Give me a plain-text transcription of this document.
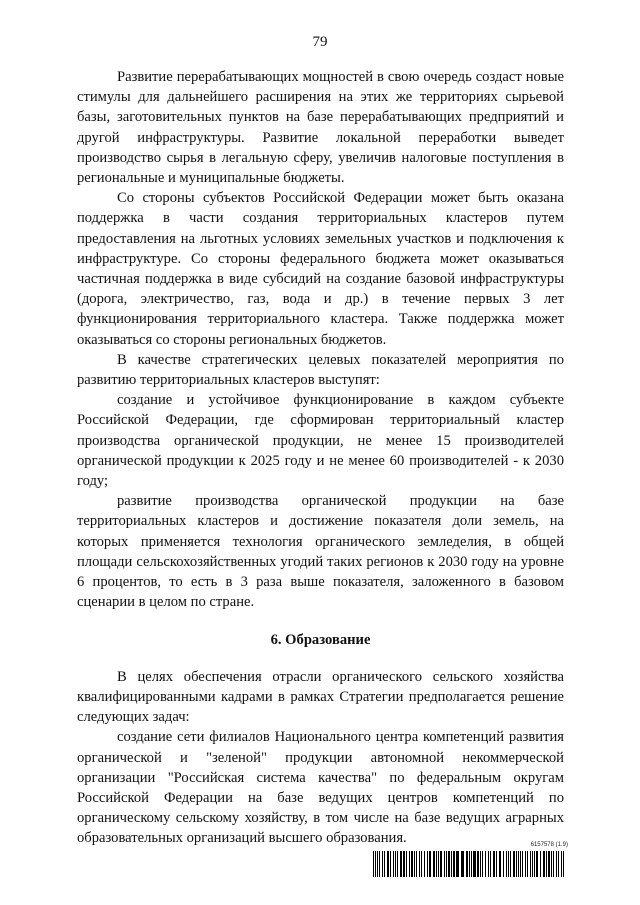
79

Развитие перерабатывающих мощностей в свою очередь создаст новые стимулы для дальнейшего расширения на этих же территориях сырьевой базы, заготовительных пунктов на базе перерабатывающих предприятий и другой инфраструктуры. Развитие локальной переработки выведет производство сырья в легальную сферу, увеличив налоговые поступления в региональные и муниципальные бюджеты.

Со стороны субъектов Российской Федерации может быть оказана поддержка в части создания территориальных кластеров путем предоставления на льготных условиях земельных участков и подключения к инфраструктуре. Со стороны федерального бюджета может оказываться частичная поддержка в виде субсидий на создание базовой инфраструктуры (дорога, электричество, газ, вода и др.) в течение первых 3 лет функционирования территориального кластера. Также поддержка может оказываться со стороны региональных бюджетов.

В качестве стратегических целевых показателей мероприятия по развитию территориальных кластеров выступят:

создание и устойчивое функционирование в каждом субъекте Российской Федерации, где сформирован территориальный кластер производства органической продукции, не менее 15 производителей органической продукции к 2025 году и не менее 60 производителей - к 2030 году;

развитие производства органической продукции на базе территориальных кластеров и достижение показателя доли земель, на которых применяется технология органического земледелия, в общей площади сельскохозяйственных угодий таких регионов к 2030 году на уровне 6 процентов, то есть в 3 раза выше показателя, заложенного в базовом сценарии в целом по стране.

6. Образование

В целях обеспечения отрасли органического сельского хозяйства квалифицированными кадрами в рамках Стратегии предполагается решение следующих задач:

создание сети филиалов Национального центра компетенций развития органической и "зеленой" продукции автономной некоммерческой организации "Российская система качества" по федеральным округам Российской Федерации на базе ведущих центров компетенций по органическому сельскому хозяйству, в том числе на базе ведущих аграрных образовательных организаций высшего образования.	6157578 (1.9)
